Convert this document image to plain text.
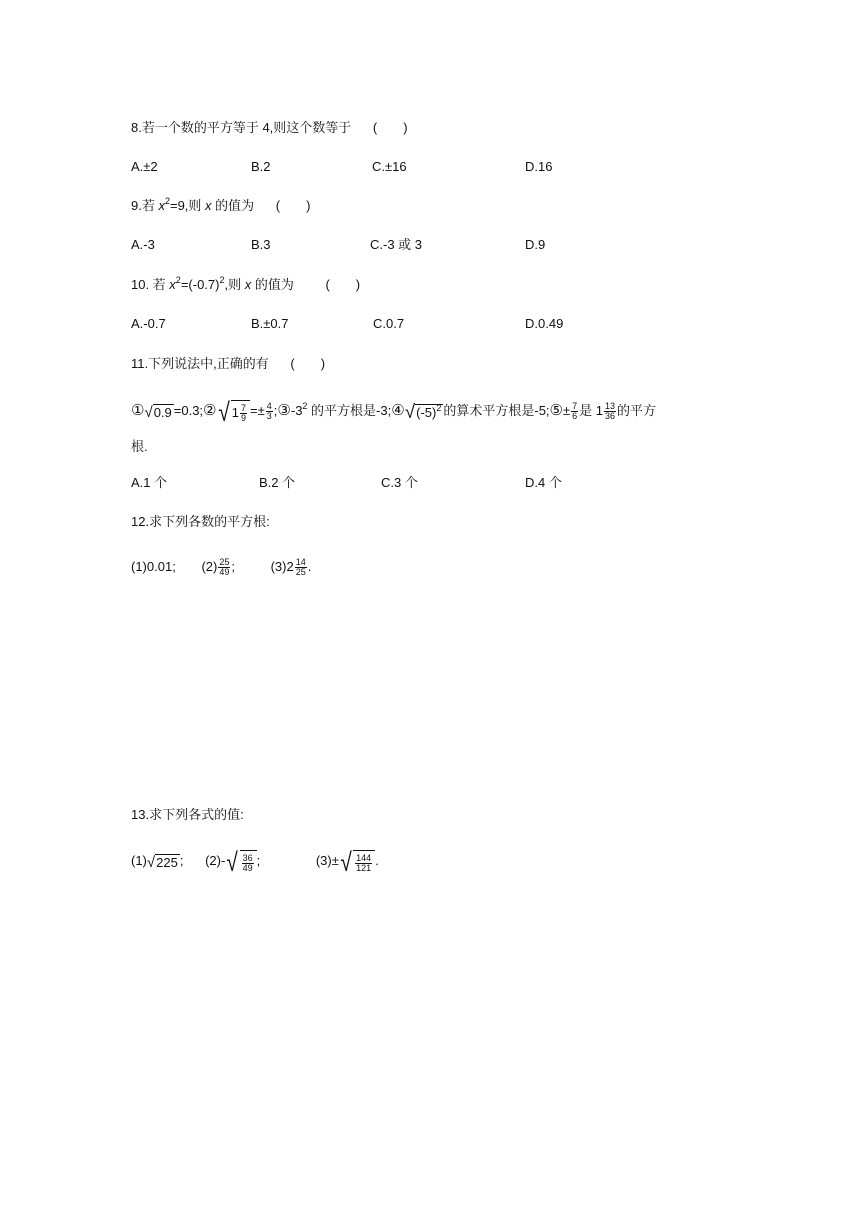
8.若一个数的平方等于 4,则这个数等于 (　　)
A.±2	B.2	C.±16	D.16
9.若 $x^2=9$,则 x 的值为 (　　)
A.-3	B.3	C.-3 或 3	D.9
10. 若 $x^2=(-0.7)^2$,则 x 的值为 (　　)
A.-0.7	B.±0.7	C.0.7	D.0.49
11.下列说法中,正确的有 (　　)
①√0.9 =0.3;②√ $1 \frac{7}{9} =\pm \frac{4}{3}$ $;③-3^2$ 的平方根是$-3;④√(-5)^2$ 的算术平方根是-5;⑤± $\frac{7}{6}$ 是 $1 \frac{13}{36}$ 的平方
根.
A.1 个	B.2 个	C.3 个	D.4 个
12.求下列各数的平方根:
(1)0.01; $(2) \frac{25}{49}$ ;	$(3)2 \frac{14}{25}$ .
13.求下列各式的值:
(1)√225 ; $(2)-√ \frac{36}{49}$ ;	$(3)\pm√ \frac{144}{121}$ .
